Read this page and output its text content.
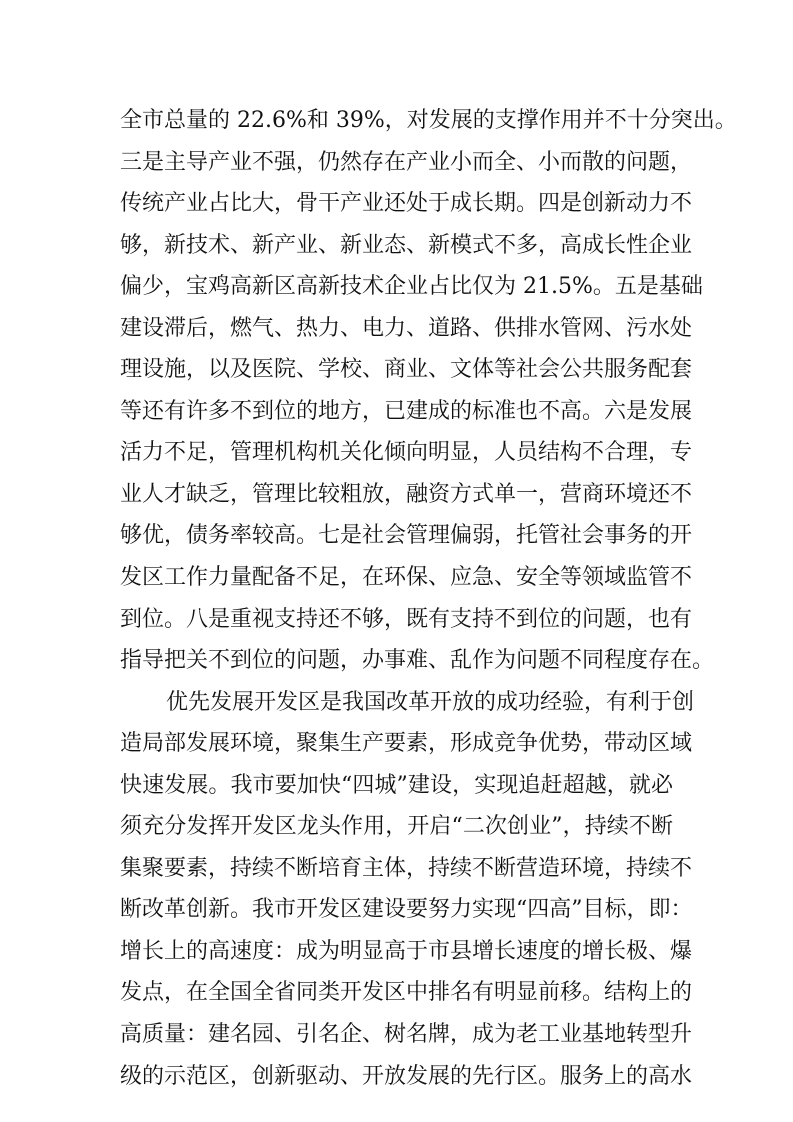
全市总量的 22.6%和 39%，对发展的支撑作用并不十分突出。
三是主导产业不强，仍然存在产业小而全、小而散的问题，
传统产业占比大，骨干产业还处于成长期。四是创新动力不
够，新技术、新产业、新业态、新模式不多，高成长性企业
偏少，宝鸡高新区高新技术企业占比仅为 21.5%。五是基础
建设滞后，燃气、热力、电力、道路、供排水管网、污水处
理设施，以及医院、学校、商业、文体等社会公共服务配套
等还有许多不到位的地方，已建成的标准也不高。六是发展
活力不足，管理机构机关化倾向明显，人员结构不合理，专
业人才缺乏，管理比较粗放，融资方式单一，营商环境还不
够优，债务率较高。七是社会管理偏弱，托管社会事务的开
发区工作力量配备不足，在环保、应急、安全等领域监管不
到位。八是重视支持还不够，既有支持不到位的问题，也有
指导把关不到位的问题，办事难、乱作为问题不同程度存在。
优先发展开发区是我国改革开放的成功经验，有利于创
造局部发展环境，聚集生产要素，形成竞争优势，带动区域
快速发展。我市要加快“四城”建设，实现追赶超越，就必
须充分发挥开发区龙头作用，开启“二次创业”，持续不断
集聚要素，持续不断培育主体，持续不断营造环境，持续不
断改革创新。我市开发区建设要努力实现“四高”目标，即：
增长上的高速度：成为明显高于市县增长速度的增长极、爆
发点，在全国全省同类开发区中排名有明显前移。结构上的
高质量：建名园、引名企、树名牌，成为老工业基地转型升
级的示范区，创新驱动、开放发展的先行区。服务上的高水
